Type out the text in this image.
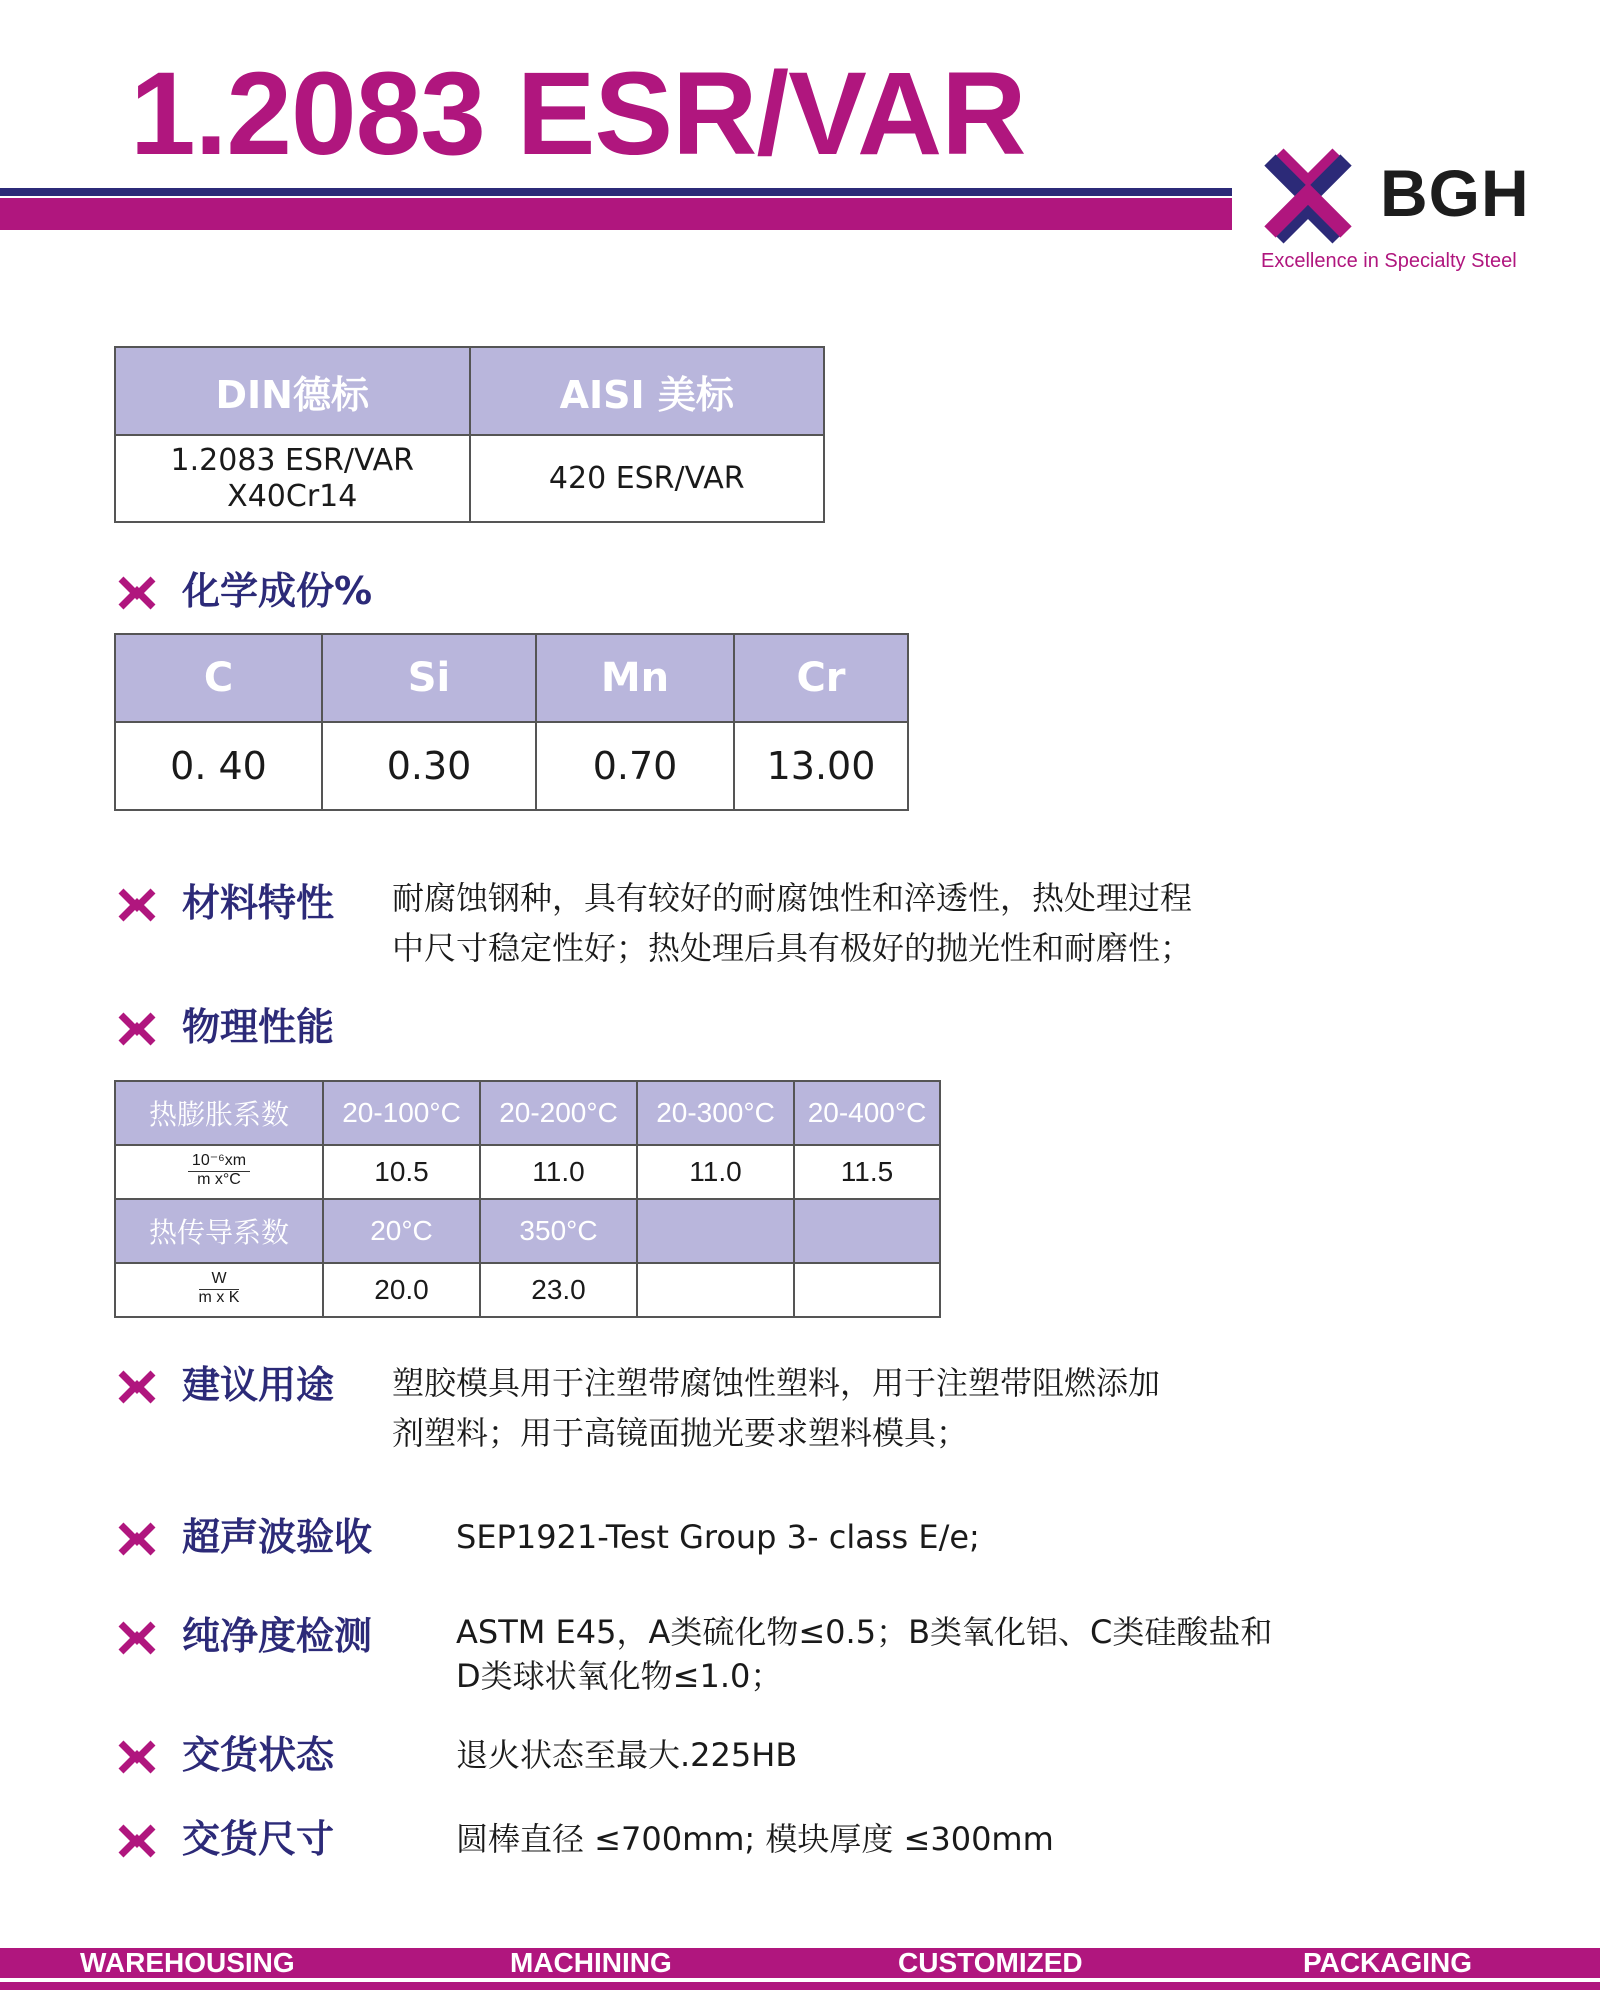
1.2083 ESR/VAR
BGH
Excellence in Specialty Steel
DIN德标	AISI 美标

1.2083 ESR/VAR
X40Cr14	420 ESR/VAR
化学成份%
C	Si	Mn	Cr
0. 40	0.30	0.70	13.00
材料特性 耐腐蚀钢种，具有较好的耐腐蚀性和淬透性，热处理过程
中尺寸稳定性好；热处理后具有极好的抛光性和耐磨性；
物理性能
热膨胀系数	20-100°C	20-200°C	20-300°C	20-400°C

$\frac{\text{10⁻⁶xm}}{\text{m x°C}}$	10.5	11.0	11.0	11.5
热传导系数	20°C	350°C		

$\frac{W}{\text{m x K}}$	20.0	23.0		
建议用途 塑胶模具用于注塑带腐蚀性塑料，用于注塑带阻燃添加
剂塑料；用于高镜面抛光要求塑料模具；
超声波验收	SEP1921-Test Group 3- class E/e;
纯净度检测	ASTM E45，A类硫化物≤0.5；B类氧化铝、C类硅酸盐和
D类球状氧化物≤1.0；
交货状态	退火状态至最大.225HB
交货尺寸	圆棒直径 ≤700mm; 模块厚度 ≤300mm
WAREHOUSING	MACHINING	CUSTOMIZED	PACKAGING
